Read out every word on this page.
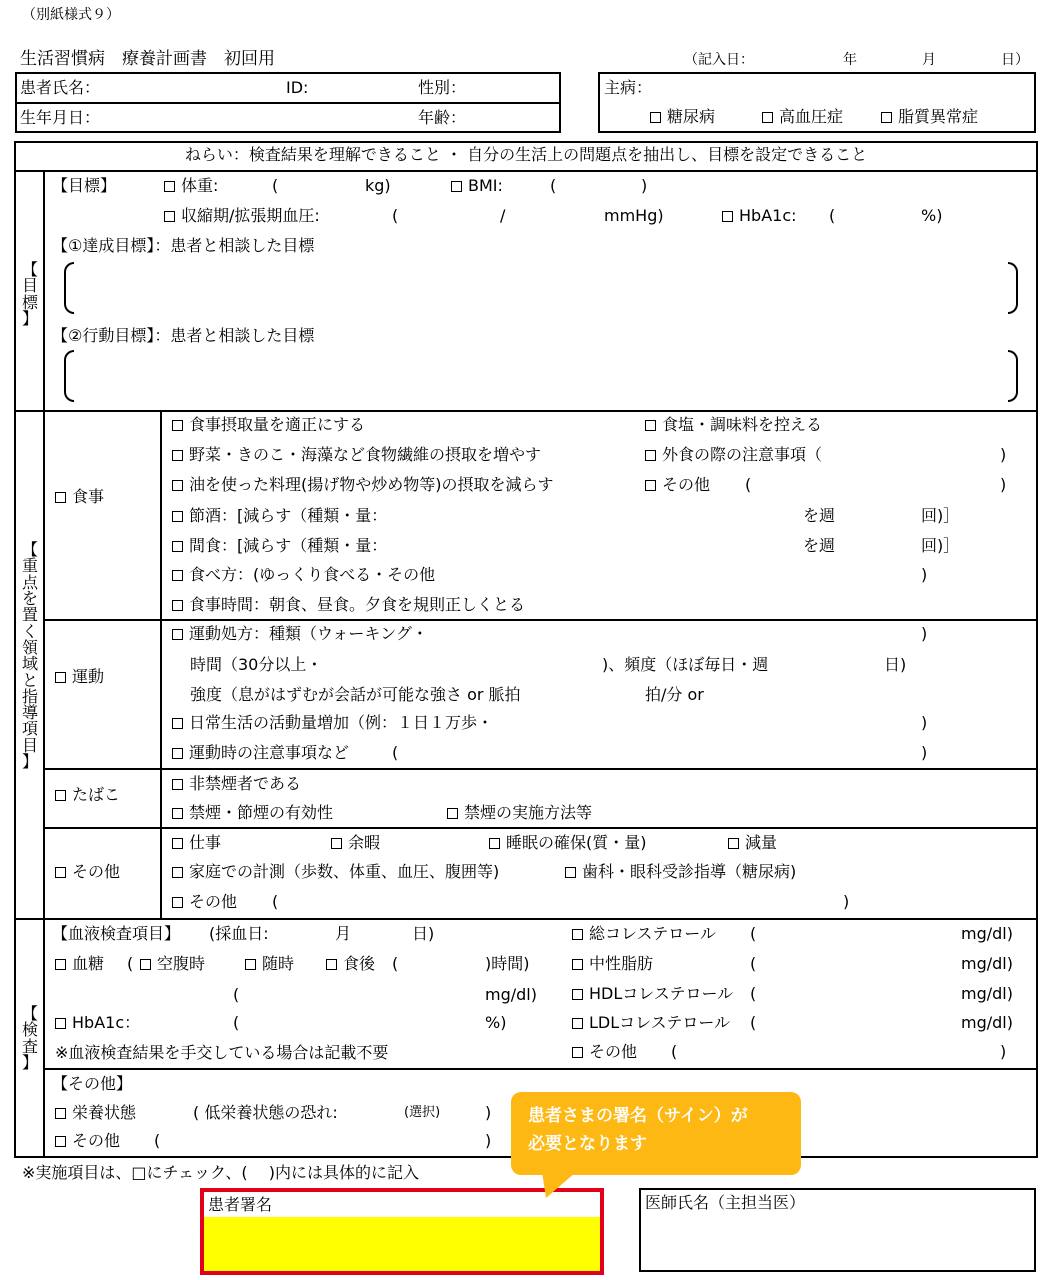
（別紙様式９）
生活習慣病　療養計画書　初回用	（記入日：	年	月	日）
患者氏名：	ID:	性別：
生年月日：	年齢：
主病：
糖尿病	高血圧症	脂質異常症
ねらい：検査結果を理解できること ・ 自分の生活上の問題点を抽出し、目標を設定できること
【
目
標
】
【目標】	体重:	(	kg)	BMI:	(	)
収縮期/拡張期血圧:	(	/	mmHg)	HbA1c: (	%)
【①達成目標】：患者と相談した目標
【②行動目標】：患者と相談した目標
【
重
点
を
置
く
領
域
と
指
導
項
目
】
食事
食事摂取量を適正にする	食塩・調味料を控える
野菜・きのこ・海藻など食物繊維の摂取を増やす	外食の際の注意事項（	)
油を使った料理(揚げ物や炒め物等)の摂取を減らす	その他 (	)
節酒：[減らす（種類・量：	を週	回)］
間食：[減らす（種類・量：	を週	回)］
食べ方：(ゆっくり食べる・その他	)
食事時間：朝食、昼食。夕食を規則正しくとる
運動
運動処方：種類（ウォーキング・	)
時間（30分以上・	)、頻度（ほぼ毎日・週	日)
強度（息がはずむが会話が可能な強さ or 脈拍	拍/分 or
日常生活の活動量増加（例：１日１万歩・	)
運動時の注意事項など	(	)
たばこ
非禁煙者である
禁煙・節煙の有効性	禁煙の実施方法等
その他
仕事	余暇	睡眠の確保(質・量)	減量
家庭での計測（歩数、体重、血圧、腹囲等)	歯科・眼科受診指導（糖尿病)
その他 (	)
【
検
査
】
【血液検査項目】 (採血日:	月	日)
血糖 (	空腹時	随時	食後 (	)時間)
(	mg/dl)
HbA1c：	(	%)
※血液検査結果を手交している場合は記載不要
総コレステロール (	mg/dl)
中性脂肪	(	mg/dl)
HDLコレステロール (	mg/dl)
LDLコレステロール (	mg/dl)
その他 (	)
【その他】
栄養状態	( 低栄養状態の恐れ:	(選択)	)
その他 (	)
※実施項目は、□にチェック、(　 )内には具体的に記入
患者署名	医師氏名（主担当医）
患者さまの署名（サイン）が
必要となります
